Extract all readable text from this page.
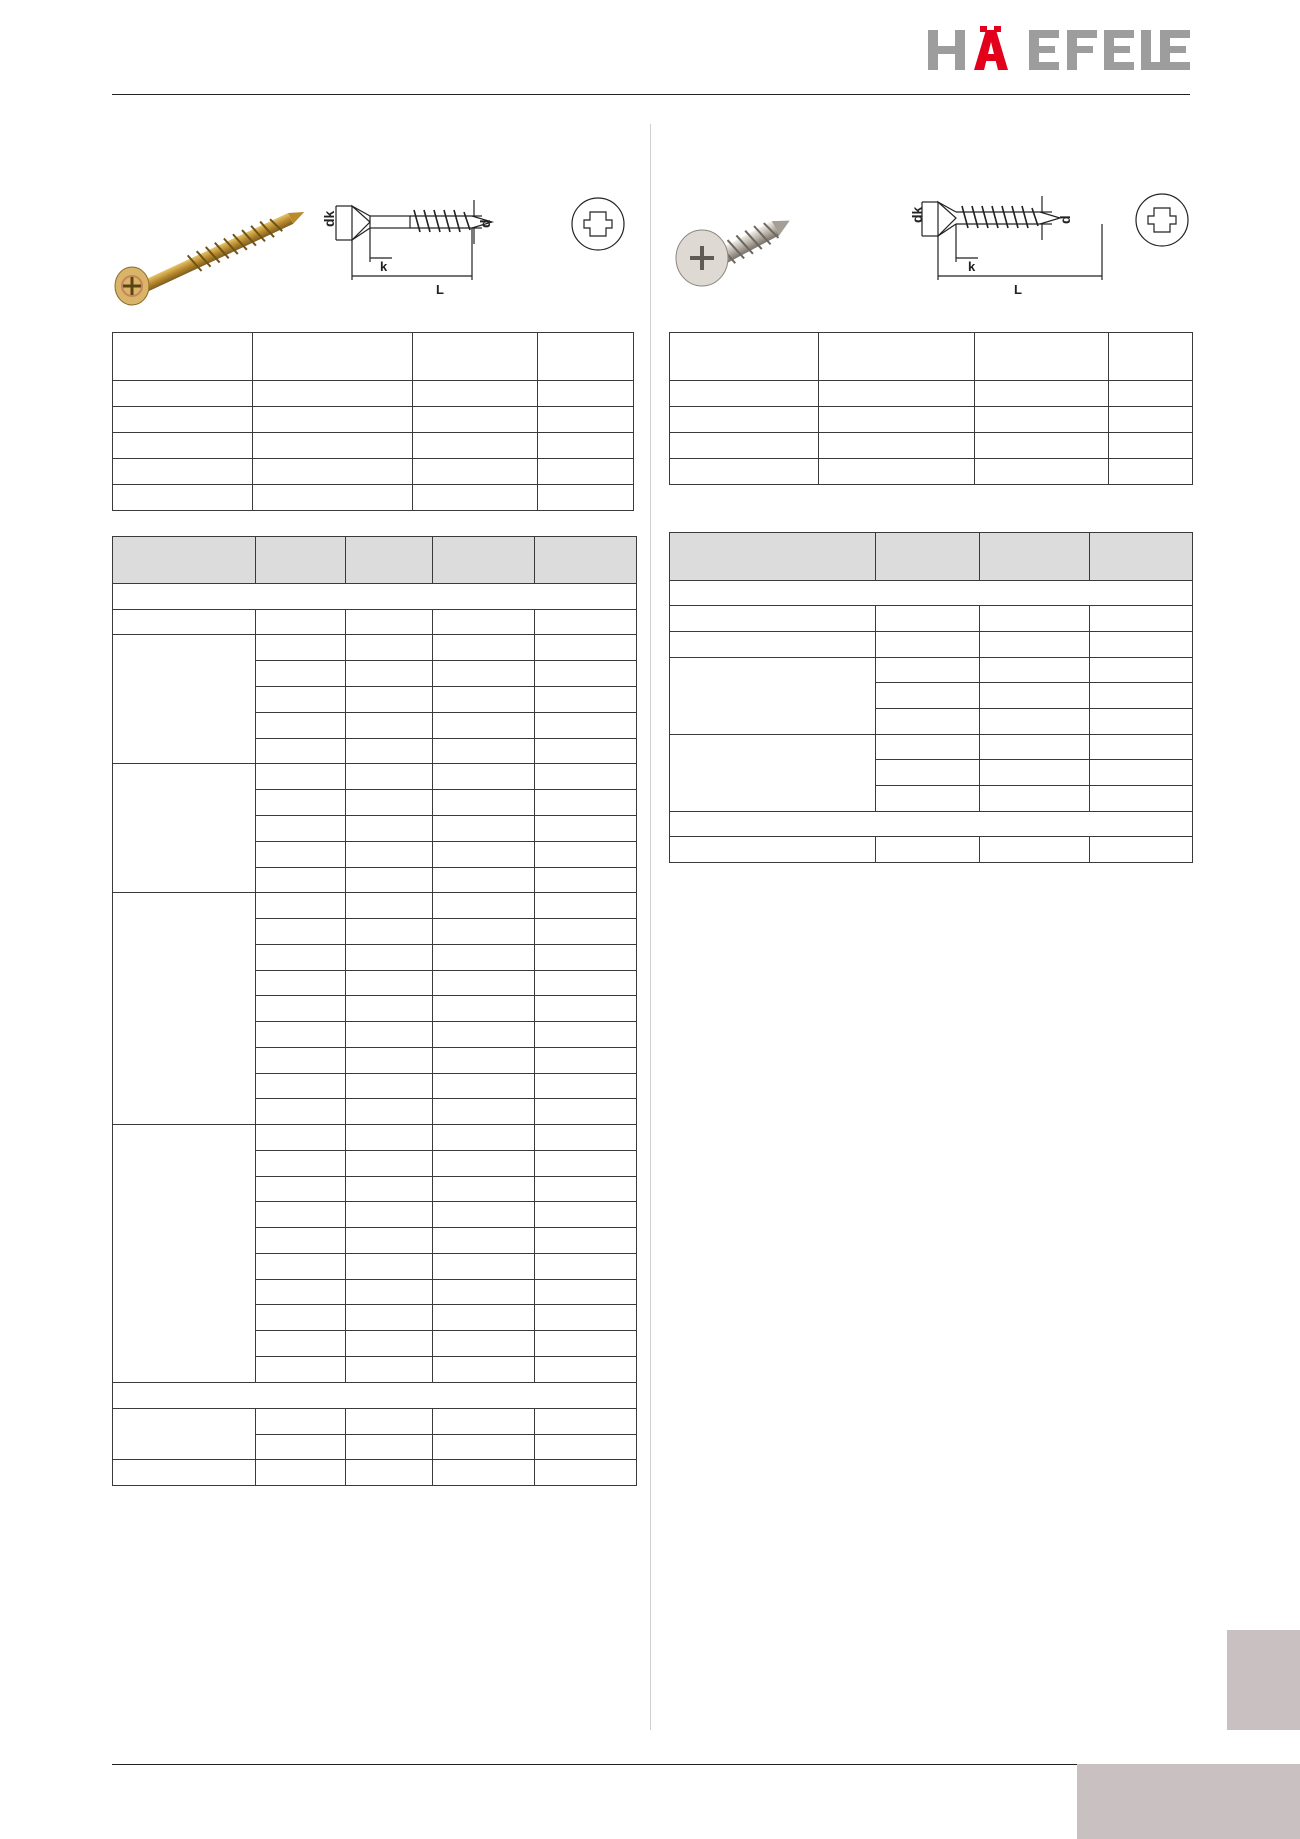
dk
k
L
d

dk
k
L
d
